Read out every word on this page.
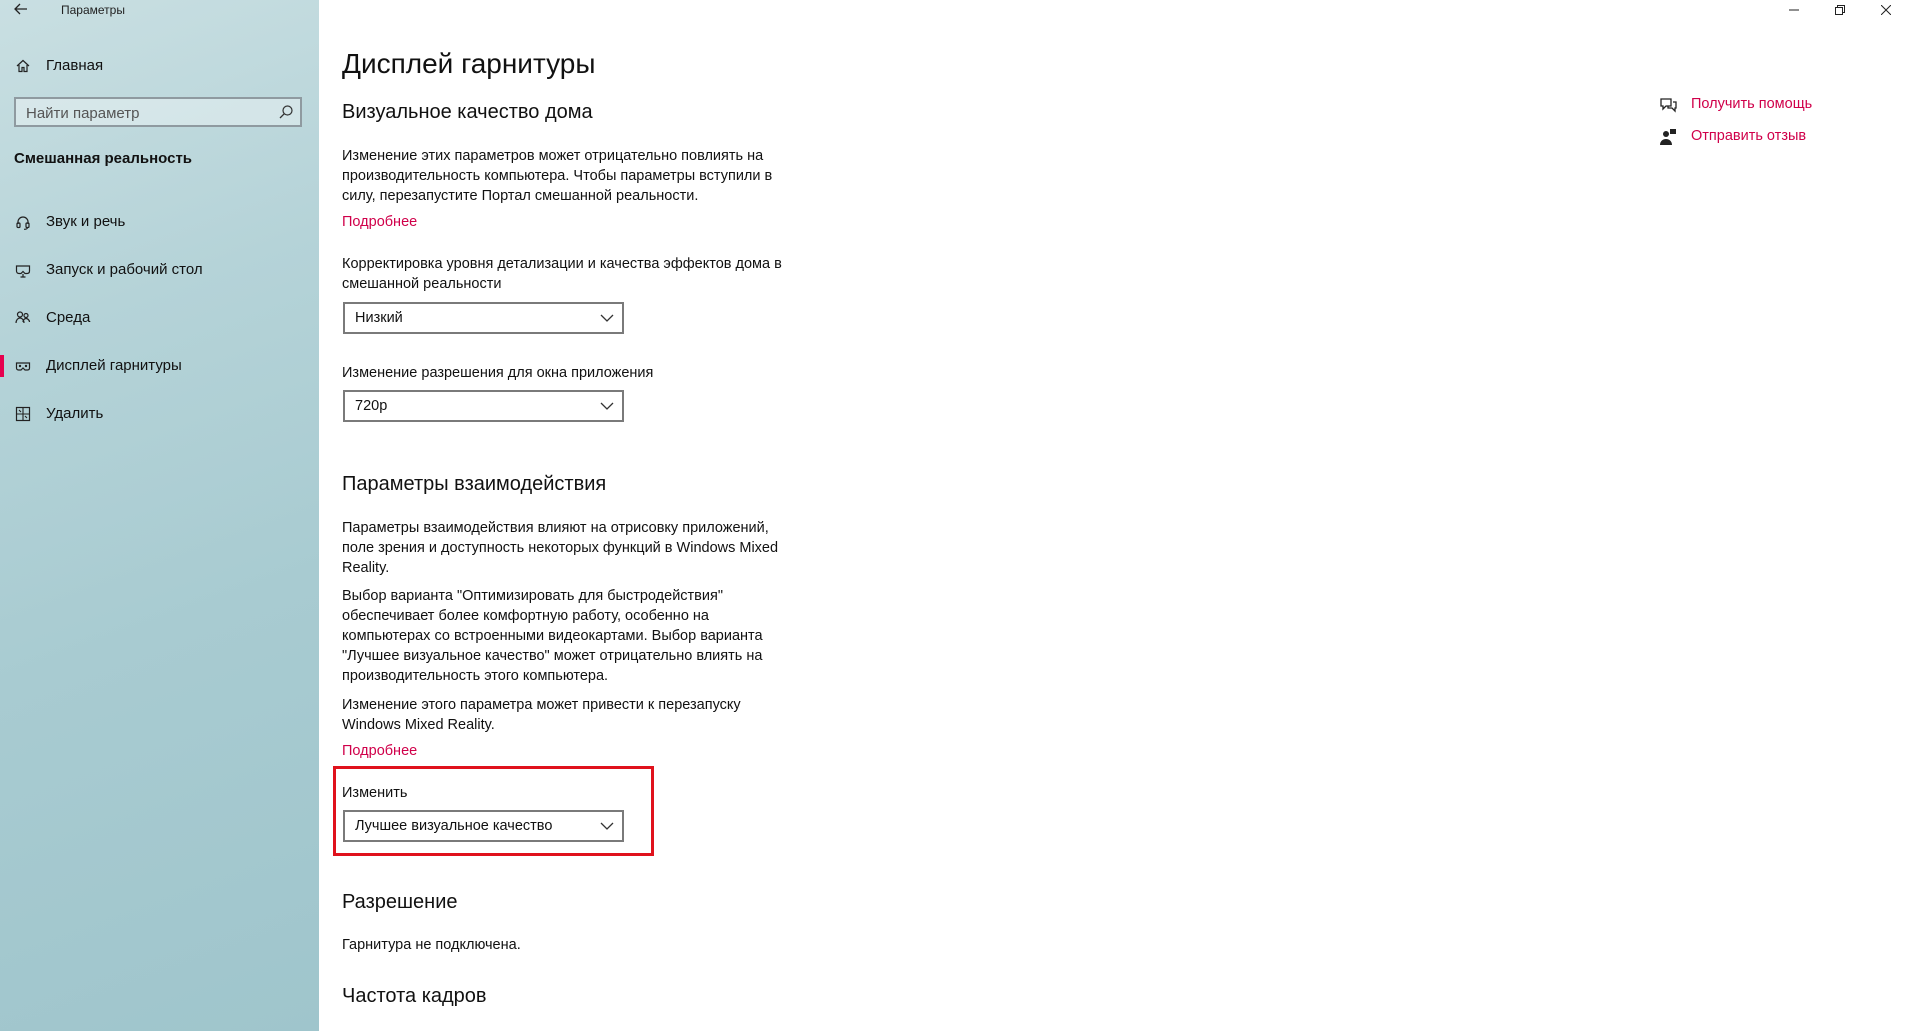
Параметры
Главная
Найти параметр
Смешанная реальность
Звук и речь
Запуск и рабочий стол
Среда
Дисплей гарнитуры
Удалить
Дисплей гарнитуры
Визуальное качество дома

Изменение этих параметров может отрицательно повлиять на производительность компьютера. Чтобы параметры вступили в силу, перезапустите Портал смешанной реальности.

Подробнее

Корректировка уровня детализации и качества эффектов дома в смешанной реальности

Низкий

Изменение разрешения для окна приложения

720p
Параметры взаимодействия

Параметры взаимодействия влияют на отрисовку приложений, поле зрения и доступность некоторых функций в Windows Mixed Reality.

Выбор варианта "Оптимизировать для быстродействия" обеспечивает более комфортную работу, особенно на компьютерах со встроенными видеокартами. Выбор варианта "Лучшее визуальное качество" может отрицательно влиять на производительность этого компьютера.

Изменение этого параметра может привести к перезапуску Windows Mixed Reality.

Подробнее

Изменить

Лучшее визуальное качество
Разрешение

Гарнитура не подключена.

Частота кадров
Получить помощь
Отправить отзыв
